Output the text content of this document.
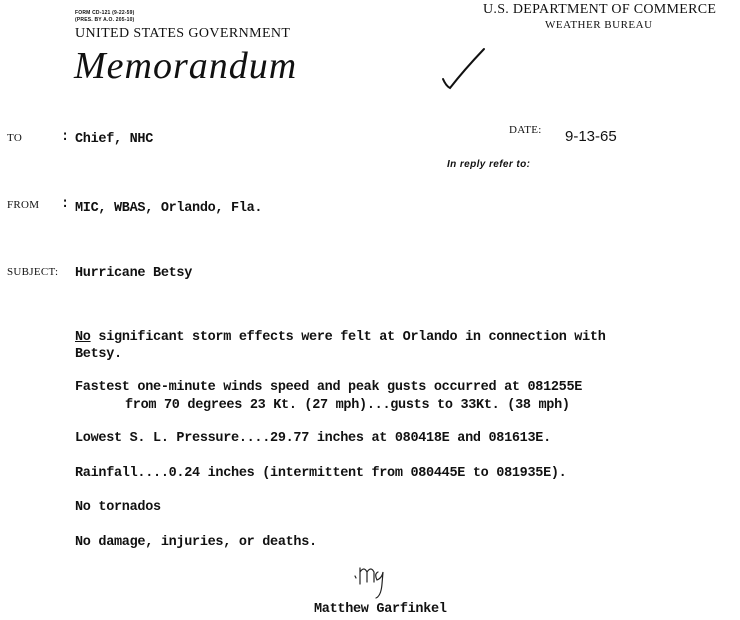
FORM CD-121 (9-22-59)
(PRES. BY A.O. 205-10)
UNITED STATES GOVERNMENT
Memorandum
U.S. DEPARTMENT OF COMMERCE
WEATHER BUREAU
TO	: Chief, NHC
DATE: 9-13-65
In reply refer to:
FROM : MIC, WBAS, Orlando, Fla.
SUBJECT: Hurricane Betsy
No significant storm effects were felt at Orlando in connection with
Betsy.
Fastest one-minute winds speed and peak gusts occurred at 081255E
from 70 degrees 23 Kt. (27 mph)...gusts to 33Kt. (38 mph)
Lowest S. L. Pressure....29.77 inches at 080418E and 081613E.
Rainfall....0.24 inches (intermittent from 080445E to 081935E).
No tornados
No damage, injuries, or deaths.
Matthew Garfinkel
